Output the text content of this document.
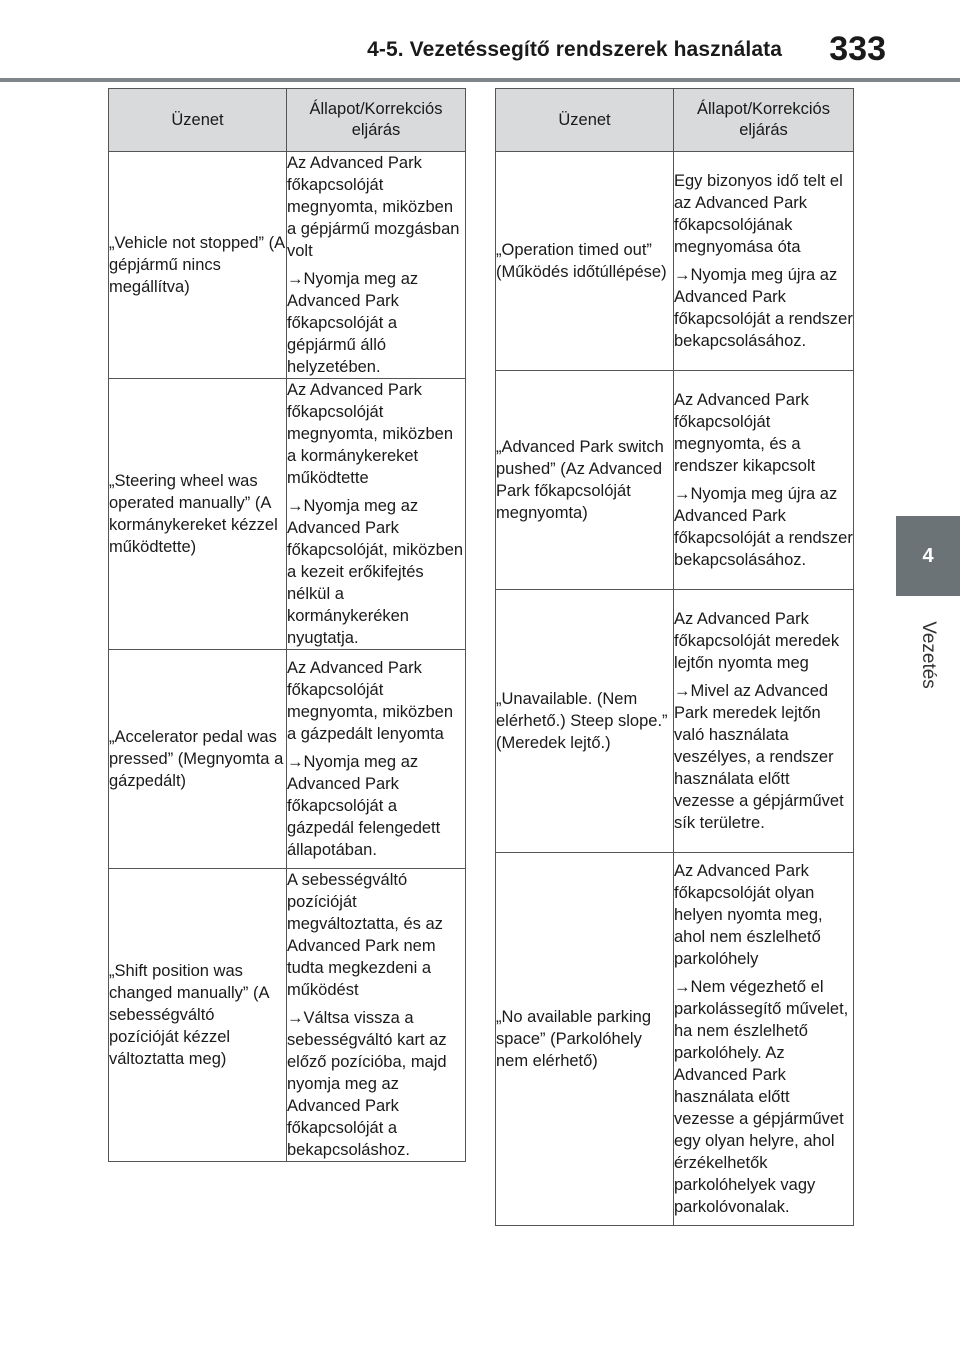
333
4-5. Vezetéssegítő rendszerek használata
4
Vezetés
Üzenet	Állapot/Korrekciós eljárás

„Vehicle not stopped” (A gépjármű nincs megállítva)	Az Advanced Park főkapcsolóját megnyomta, miközben a gépjármű mozgásban volt

→Nyomja meg az Advanced Park főkapcsolóját a gépjármű álló helyzetében.

„Steering wheel was operated manually” (A kormánykereket kézzel működtette)	Az Advanced Park főkapcsolóját megnyomta, miközben a kormánykereket működtette

→Nyomja meg az Advanced Park főkapcsolóját, miközben a kezeit erőkifejtés nélkül a kormánykeréken nyugtatja.

„Accelerator pedal was pressed” (Megnyomta a gázpedált)	Az Advanced Park főkapcsolóját megnyomta, miközben a gázpedált lenyomta

→Nyomja meg az Advanced Park főkapcsolóját a gázpedál felengedett állapotában.

„Shift position was changed manually” (A sebességváltó pozícióját kézzel változtatta meg)	A sebességváltó pozícióját megváltoztatta, és az Advanced Park nem tudta megkezdeni a működést

→Váltsa vissza a sebességváltó kart az előző pozícióba, majd nyomja meg az Advanced Park főkapcsolóját a bekapcsoláshoz.

Üzenet	Állapot/Korrekciós eljárás

„Operation timed out” (Működés időtúllépése)	Egy bizonyos idő telt el az Advanced Park főkapcsolójának megnyomása óta

→Nyomja meg újra az Advanced Park főkapcsolóját a rendszer bekapcsolásához.

„Advanced Park switch pushed” (Az Advanced Park főkapcsolóját megnyomta)	Az Advanced Park főkapcsolóját megnyomta, és a rendszer kikapcsolt

→Nyomja meg újra az Advanced Park főkapcsolóját a rendszer bekapcsolásához.

„Unavailable. (Nem elérhető.) Steep slope.” (Meredek lejtő.)	Az Advanced Park főkapcsolóját meredek lejtőn nyomta meg

→Mivel az Advanced Park meredek lejtőn való használata veszélyes, a rendszer használata előtt vezesse a gépjárművet sík területre.

„No available parking space” (Parkolóhely nem elérhető)	Az Advanced Park főkapcsolóját olyan helyen nyomta meg, ahol nem észlelhető parkolóhely

→Nem végezhető el parkolássegítő művelet, ha nem észlelhető parkolóhely. Az Advanced Park használata előtt vezesse a gépjárművet egy olyan helyre, ahol érzékelhetők parkolóhelyek vagy parkolóvonalak.
